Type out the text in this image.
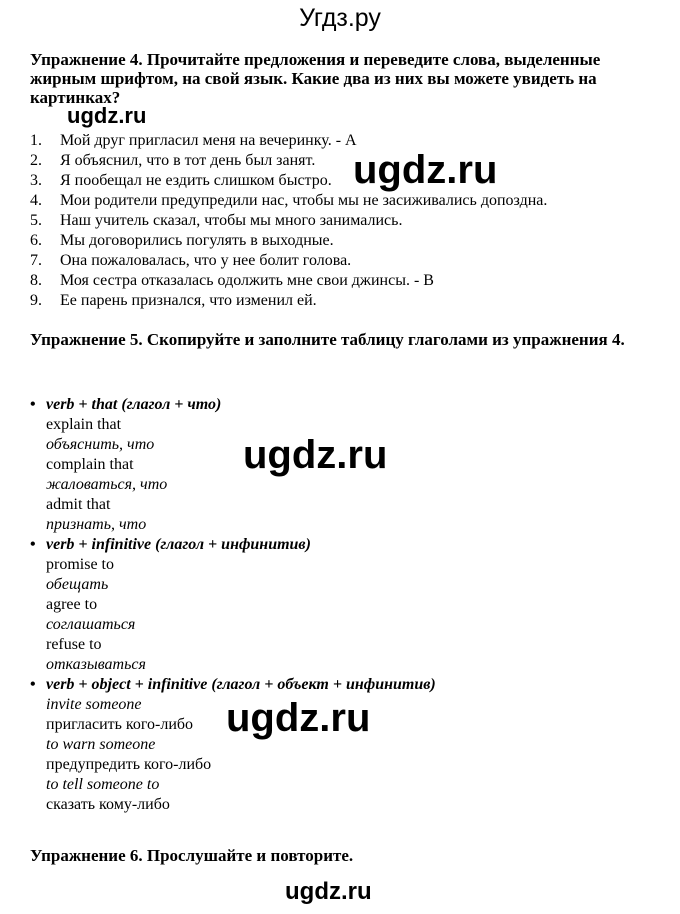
Угдз.ру
Упражнение 4. Прочитайте предложения и переведите слова, выделенные жирным шрифтом, на свой язык. Какие два из них вы можете увидеть на картинках?
1. Мой друг пригласил меня на вечеринку. - A
2. Я объяснил, что в тот день был занят.
3. Я пообещал не ездить слишком быстро.
4. Мои родители предупредили нас, чтобы мы не засиживались допоздна.
5. Наш учитель сказал, чтобы мы много занимались.
6. Мы договорились погулять в выходные.
7. Она пожаловалась, что у нее болит голова.
8. Моя сестра отказалась одолжить мне свои джинсы. - B
9. Ее парень признался, что изменил ей.
Упражнение 5. Скопируйте и заполните таблицу глаголами из упражнения 4.
• verb + that (глагол + что)
explain that
объяснить, что
complain that
жаловаться, что
admit that
признать, что
• verb + infinitive (глагол + инфинитив)
promise to
обещать
agree to
соглашаться
refuse to
отказываться
• verb + object + infinitive (глагол + объект + инфинитив)
invite someone
пригласить кого-либо
to warn someone
предупредить кого-либо
to tell someone to
сказать кому-либо
Упражнение 6. Прослушайте и повторите.
ugdz.ru
ugdz.ru
ugdz.ru
ugdz.ru
ugdz.ru
